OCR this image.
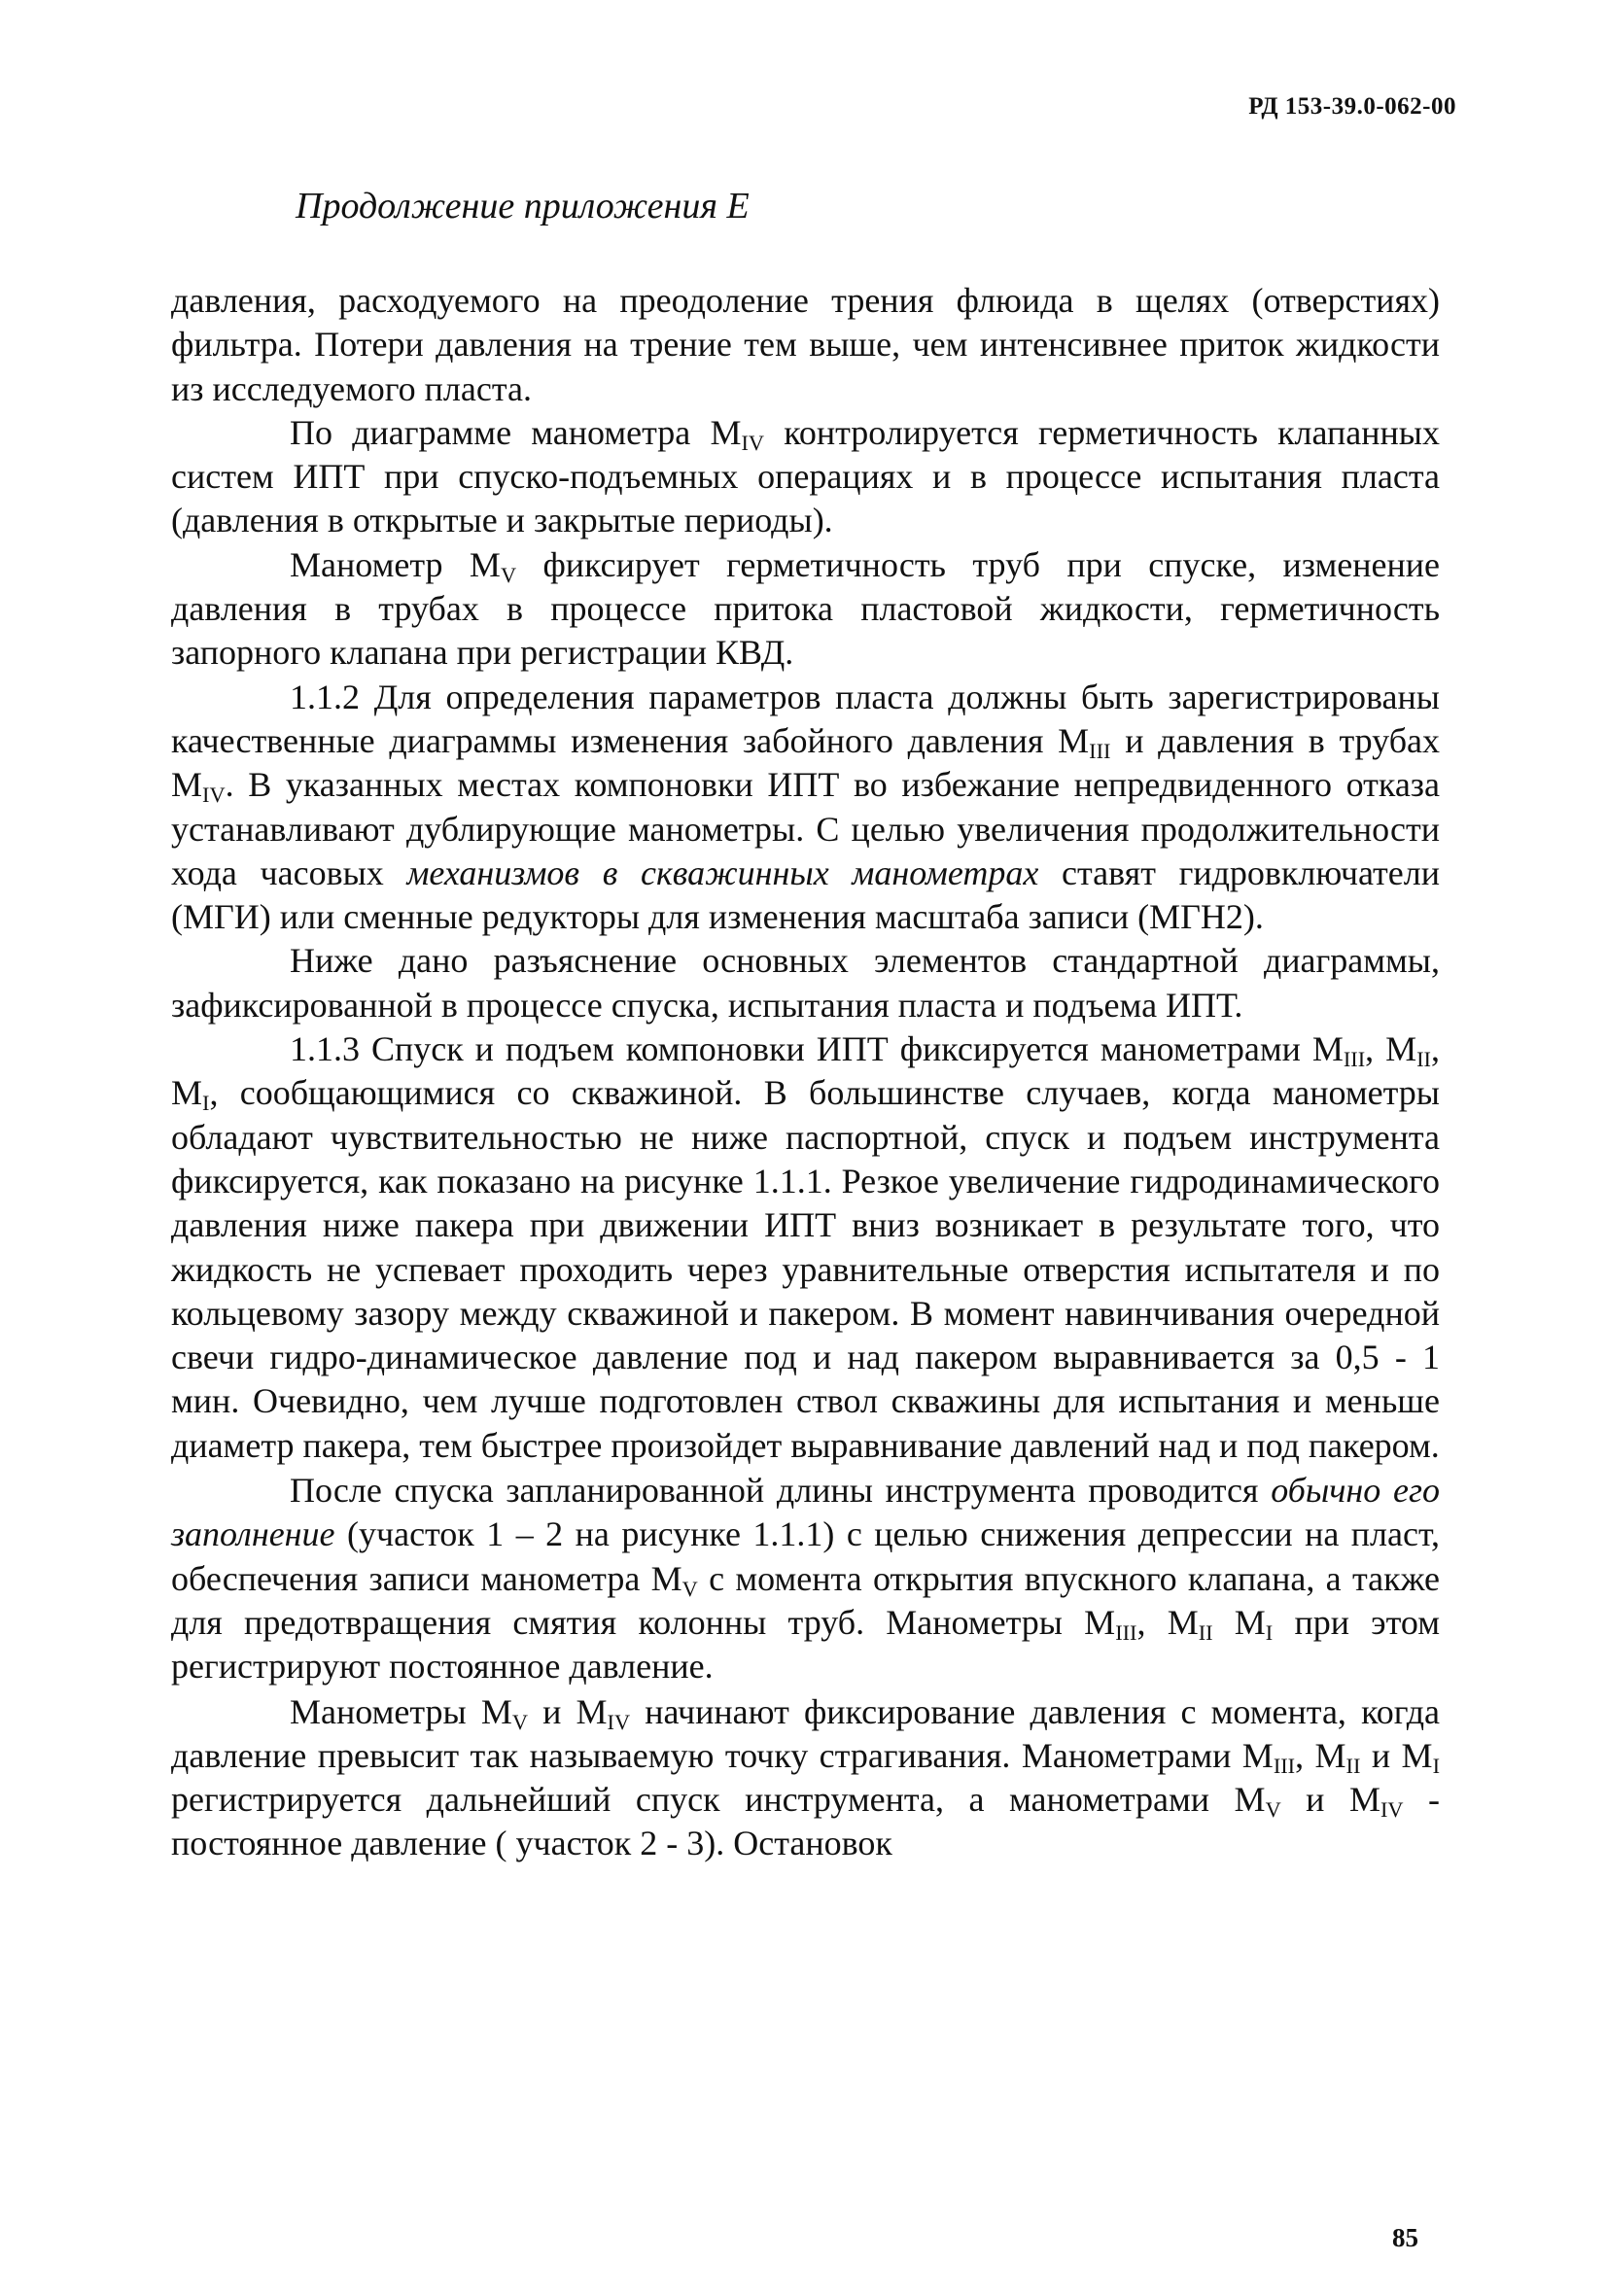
РД 153-39.0-062-00
Продолжение приложения Е

давления, расходуемого на преодоление трения флюида в щелях (отверстиях) фильтра. Потери давления на трение тем выше, чем интенсивнее приток жидкости из исследуемого пласта.

По диаграмме манометра $M_{IV}$ контролируется герметичность клапанных систем ИПТ при спуско-подъемных операциях и в процессе испытания пласта (давления в открытые и закрытые периоды).

Манометр $M_V$ фиксирует герметичность труб при спуске, изменение давления в трубах в процессе притока пластовой жидкости, герметичность запорного клапана при регистрации КВД.

1.1.2 Для определения параметров пласта должны быть зарегистрированы качественные диаграммы изменения забойного давления $M_{III}$ и давления в трубах $M_{IV}$. В указанных местах компоновки ИПТ во избежание непредвиденного отказа устанавливают дублирующие манометры. С целью увеличения продолжительности хода часовых механизмов в скважинных манометрах ставят гидровключатели (МГИ) или сменные редукторы для изменения масштаба записи (МГН2).

Ниже дано разъяснение основных элементов стандартной диаграммы, зафиксированной в процессе спуска, испытания пласта и подъема ИПТ.

1.1.3 Спуск и подъем компоновки ИПТ фиксируется манометрами $M_{III}$, $M_{II}$, $M_I$, сообщающимися со скважиной. В большинстве случаев, когда манометры обладают чувствительностью не ниже паспортной, спуск и подъем инструмента фиксируется, как показано на рисунке 1.1.1. Резкое увеличение гидродинамического давления ниже пакера при движении ИПТ вниз возникает в результате того, что жидкость не успевает проходить через уравнительные отверстия испытателя и по кольцевому зазору между скважиной и пакером. В момент навинчивания очередной свечи гидро-динамическое давление под и над пакером выравнивается за 0,5 - 1 мин. Очевидно, чем лучше подготовлен ствол скважины для испытания и меньше диаметр пакера, тем быстрее произойдет выравнивание давлений над и под пакером.

После спуска запланированной длины инструмента проводится обычно его заполнение (участок 1 – 2 на рисунке 1.1.1) с целью снижения депрессии на пласт, обеспечения записи манометра $M_V$ с момента открытия впускного клапана, а также для предотвращения смятия колонны труб. Манометры $M_{III}$, $M_{II}$ $M_I$ при этом регистрируют постоянное давление.

Манометры $M_V$ и $M_{IV}$ начинают фиксирование давления с момента, когда давление превысит так называемую точку страгивания. Манометрами $M_{III}$, $M_{II}$ и $M_I$ регистрируется дальнейший спуск инструмента, а манометрами $M_V$ и $M_{IV}$ - постоянное давление ( участок 2 - 3). Остановок

85
